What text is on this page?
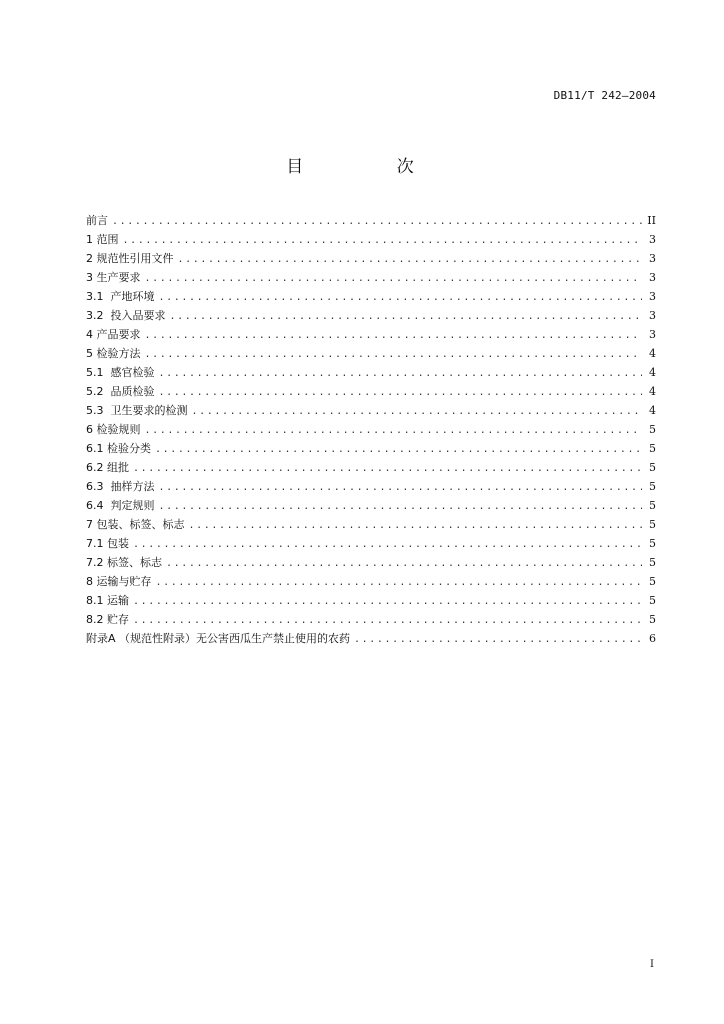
DB11/T 242—2004
目 次
前言 .....	II
1 范围 .....	3
2 规范性引用文件 .....	3
3 生产要求 .....	3
3.1  产地环境 .....	3
3.2  投入品要求 .....	3
4 产品要求 .....	3
5 检验方法 .....	4
5.1  感官检验 .....	4
5.2  品质检验 .....	4
5.3  卫生要求的检测 .....	4
6 检验规则 .....	5
6.1 检验分类 .....	5
6.2 组批 .....	5
6.3  抽样方法 .....	5
6.4  判定规则 .....	5
7 包装、标签、标志 .....	5
7.1 包装 .....	5
7.2 标签、标志 .....	5
8 运输与贮存 .....	5
8.1 运输 .....	5
8.2 贮存 .....	5
附录A （规范性附录）无公害西瓜生产禁止使用的农药 .....	6
I
